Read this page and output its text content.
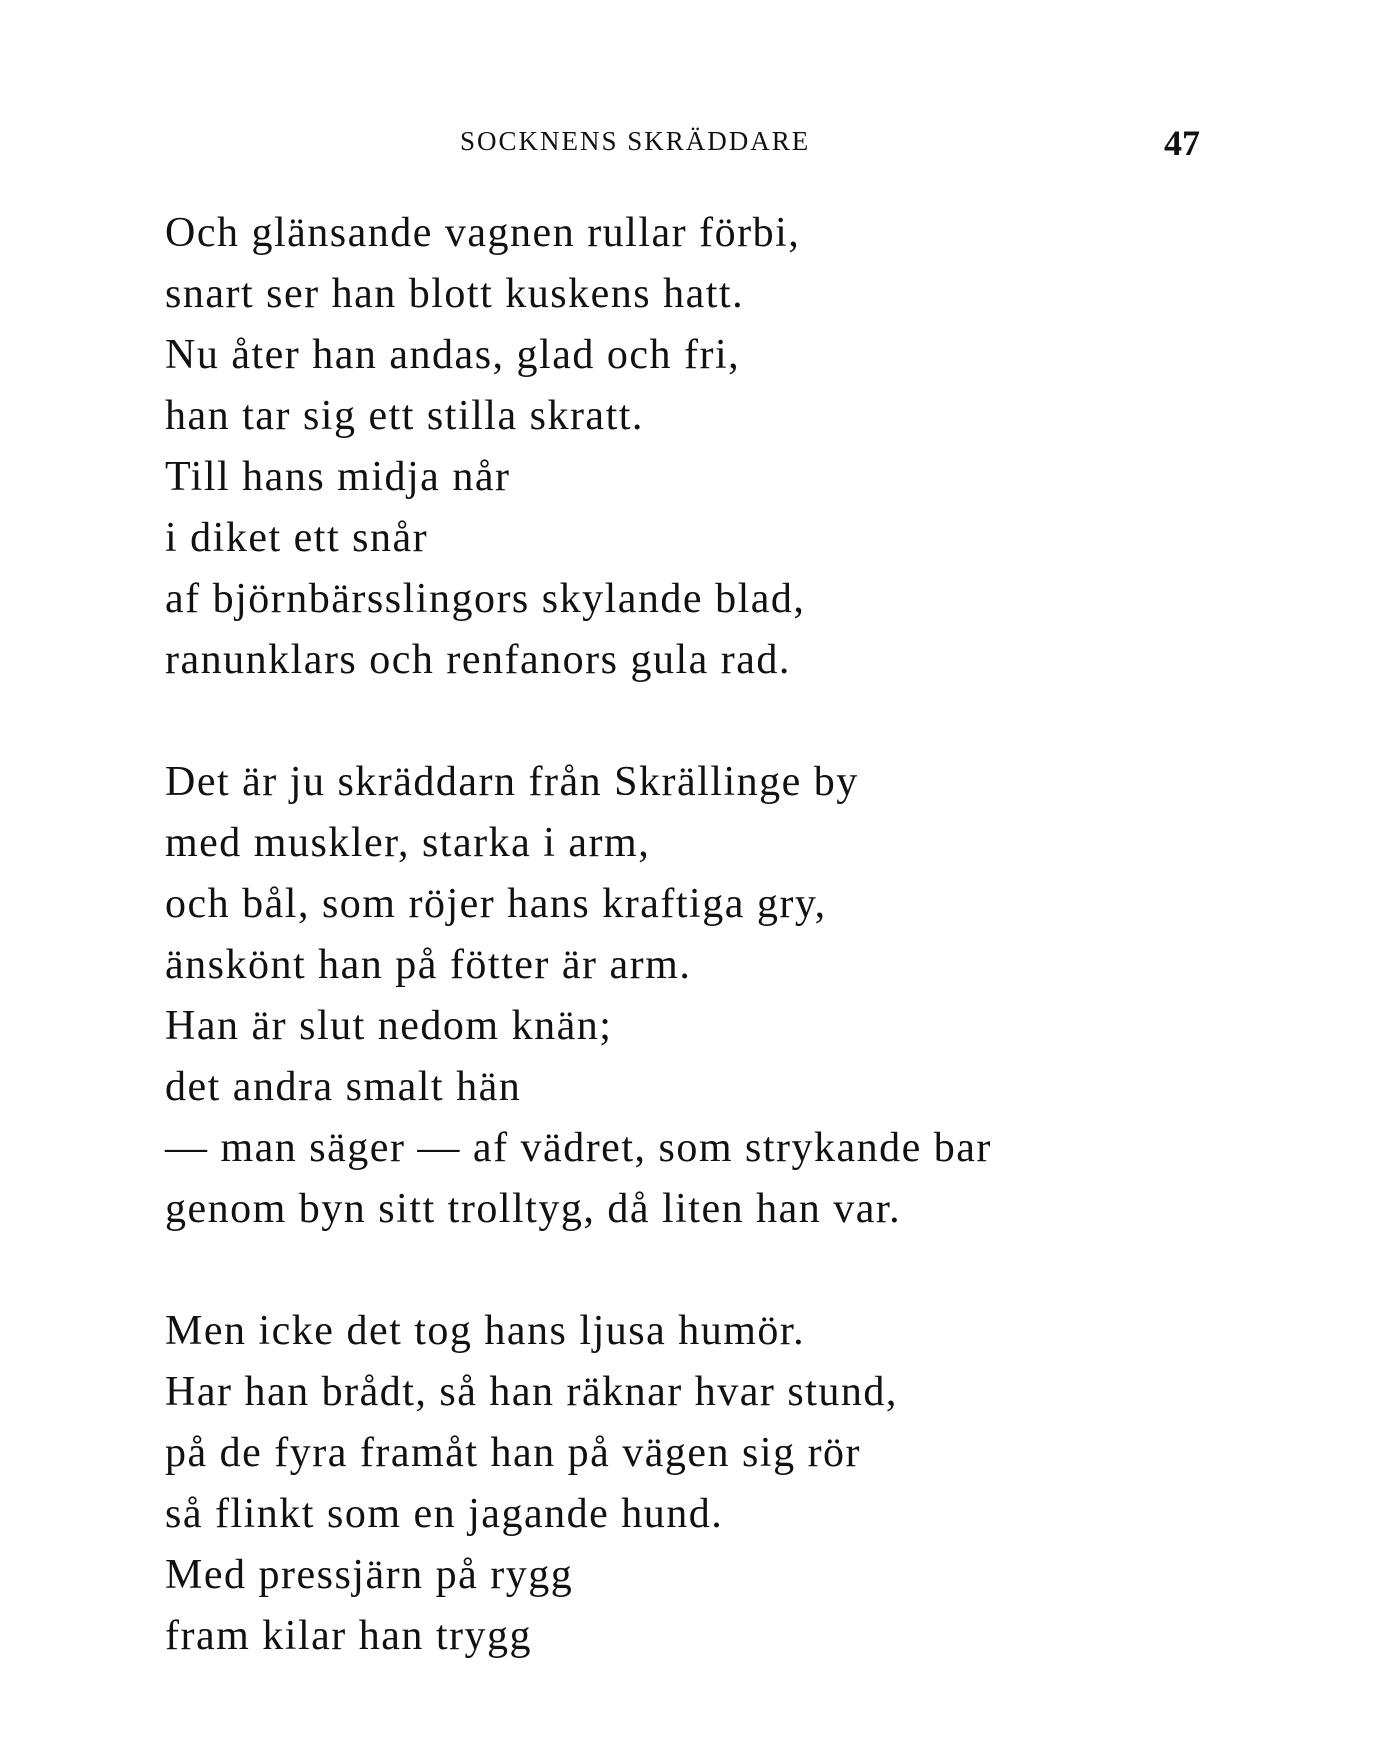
SOCKNENS SKRÄDDARE	47

Och glänsande vagnen rullar förbi,
snart ser han blott kuskens hatt.
Nu åter han andas, glad och fri,
han tar sig ett stilla skratt.
Till hans midja når
i diket ett snår
af björnbärsslingors skylande blad,
ranunklars och renfanors gula rad.

Det är ju skräddarn från Skrällinge by
med muskler, starka i arm,
och bål, som röjer hans kraftiga gry,
änskönt han på fötter är arm.
Han är slut nedom knän;
det andra smalt hän
— man säger — af vädret, som strykande bar
genom byn sitt trolltyg, då liten han var.

Men icke det tog hans ljusa humör.
Har han brådt, så han räknar hvar stund,
på de fyra framåt han på vägen sig rör
så flinkt som en jagande hund.
Med pressjärn på rygg
fram kilar han trygg
